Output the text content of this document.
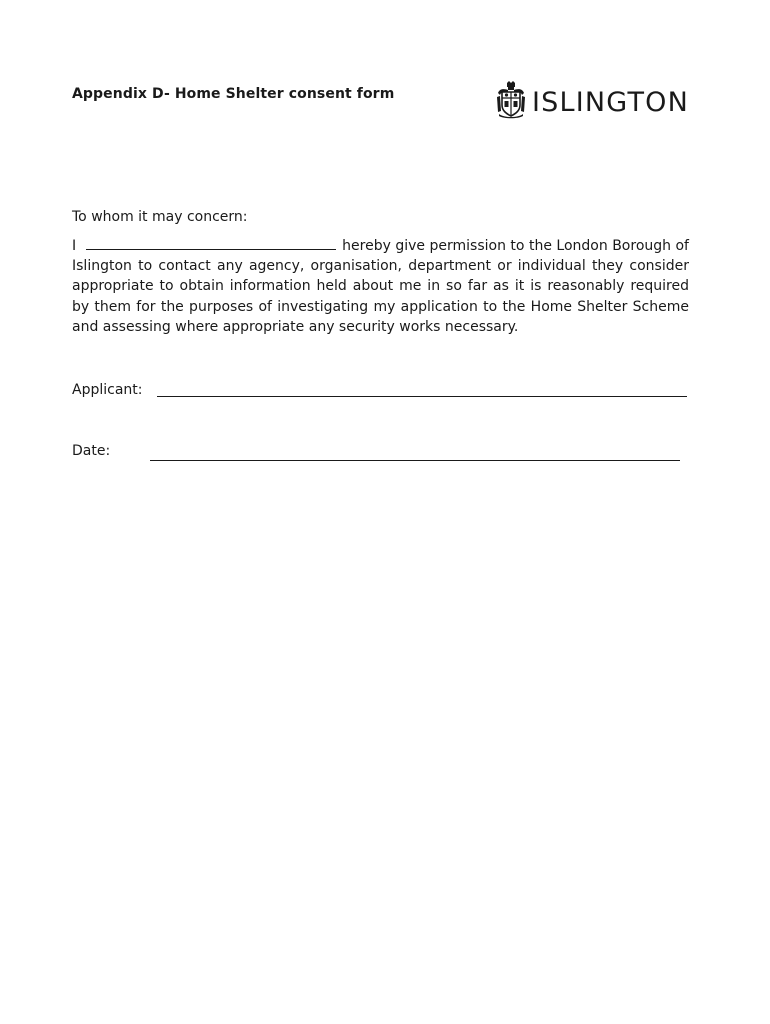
Appendix D- Home Shelter consent form	ISLINGTON

To whom it may concern:

I	hereby give permission to the London Borough of Islington to contact any agency, organisation, department or individual they consider appropriate to obtain information held about me in so far as it is reasonably required by them for the purposes of investigating my application to the Home Shelter Scheme and assessing where appropriate any security works necessary.

Applicant:
Date:
